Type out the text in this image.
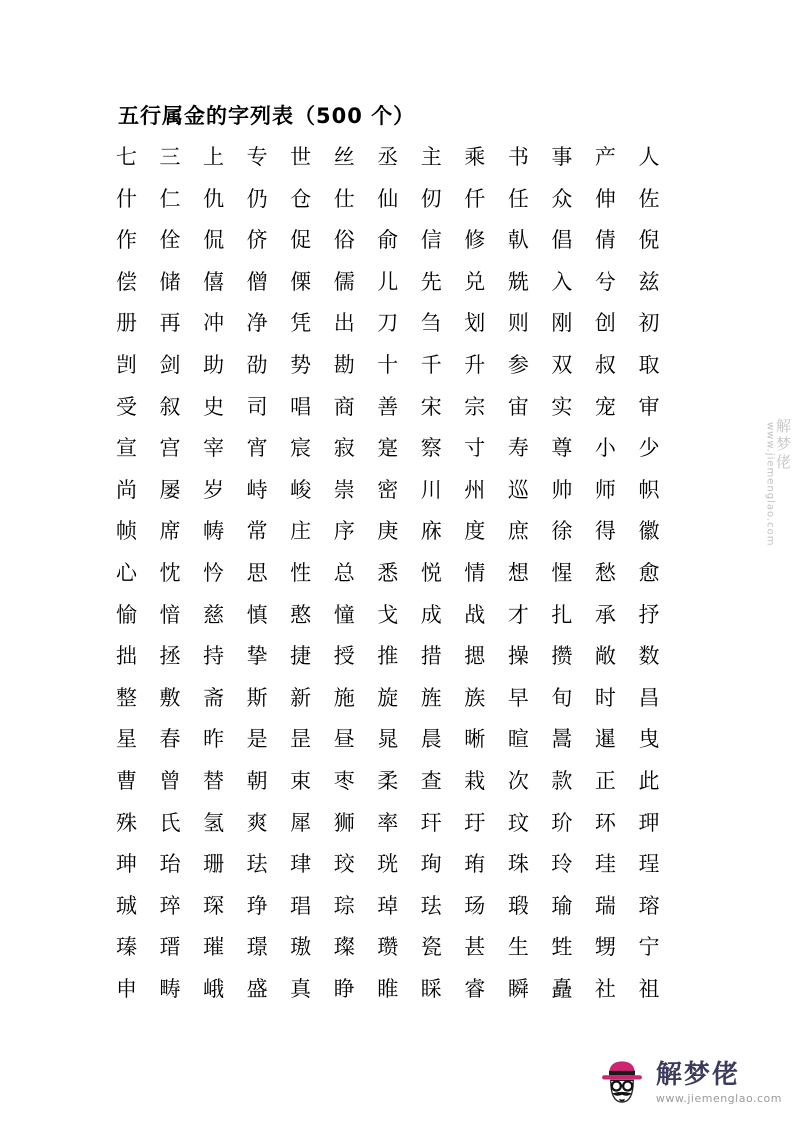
五行属金的字列表（500 个）
七	三	上	专	世	丝	丞	主	乘	书	事	产	人
什	仁	仇	仍	仓	仕	仙	仞	仟	任	众	伸	佐
作	佺	侃	侪	促	俗	俞	信	修	倝	倡	倩	倪
偿	储	僖	僧	傈	儒	儿	先	兑	兟	入	兮	兹
册	再	冲	净	凭	出	刀	刍	划	则	刚	创	初
剀	剑	助	劭	势	勘	十	千	升	参	双	叔	取
受	叙	史	司	唱	商	善	宋	宗	宙	实	宠	审
宣	宫	宰	宵	宸	寂	寔	察	寸	寿	尊	小	少
尚	屡	岁	峙	峻	崇	密	川	州	巡	帅	师	帜
帧	席	帱	常	庄	序	庚	庥	度	庶	徐	得	徽
心	忱	忴	思	性	总	悉	悦	情	想	惺	愁	愈
愉	愔	慈	慎	憨	憧	戈	成	战	才	扎	承	抒
拙	拯	持	挚	捷	授	推	措	揌	操	攒	敞	数
整	敷	斋	斯	新	施	旋	旌	族	早	旬	时	昌
星	春	昨	是	昰	昼	晁	晨	晰	暄	暠	暹	曳
曹	曾	替	朝	束	枣	柔	查	栽	次	款	正	此
殊	氏	氢	爽	犀	狮	率	玕	玗	玟	玠	环	玾
珅	珆	珊	珐	珒	珓	珖	珣	珛	珠	玲	珪	珵
珹	琗	琛	琤	琩	琮	琸	珐	玚	瑖	瑜	瑞	瑢
瑧	瑨	璀	璟	璈	璨	瓒	瓷	甚	生	甡	甥	宁
申	畴	峨	盛	真	睁	睢	睬	睿	瞬	矗	社	祖
解梦佬
www.jiemenglao.com
解梦佬
www.jiemenglao.com
